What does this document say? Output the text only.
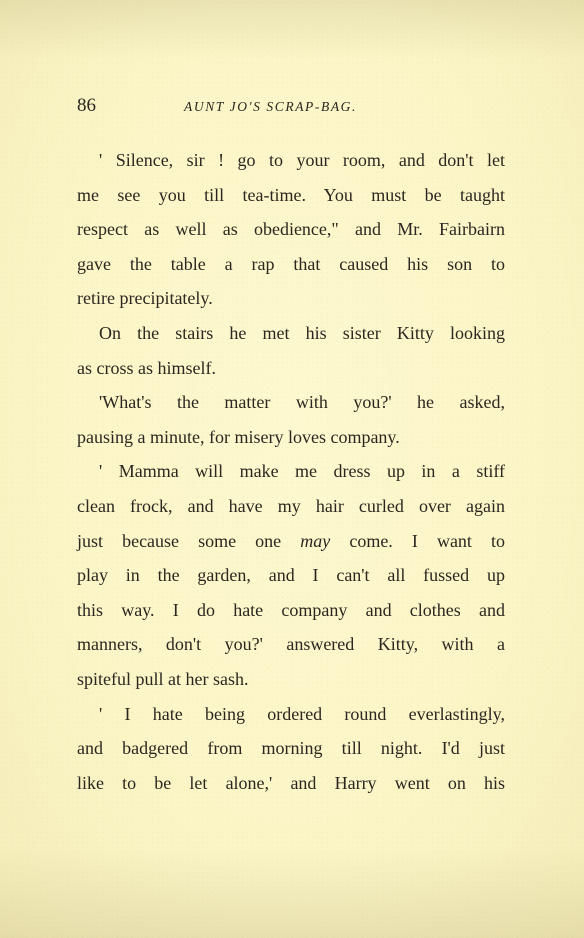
86	AUNT JO'S SCRAP-BAG.
' Silence, sir ! go to your room, and don't let
me see you till tea-time. You must be taught
respect as well as obedience," and Mr. Fairbairn
gave the table a rap that caused his son to
retire precipitately.
On the stairs he met his sister Kitty looking
as cross as himself.
'What's the matter with you?' he asked,
pausing a minute, for misery loves company.
' Mamma will make me dress up in a stiff
clean frock, and have my hair curled over again
just because some one may come. I want to
play in the garden, and I can't all fussed up
this way. I do hate company and clothes and
manners, don't you?' answered Kitty, with a
spiteful pull at her sash.
' I hate being ordered round everlastingly,
and badgered from morning till night. I'd just
like to be let alone,' and Harry went on his
